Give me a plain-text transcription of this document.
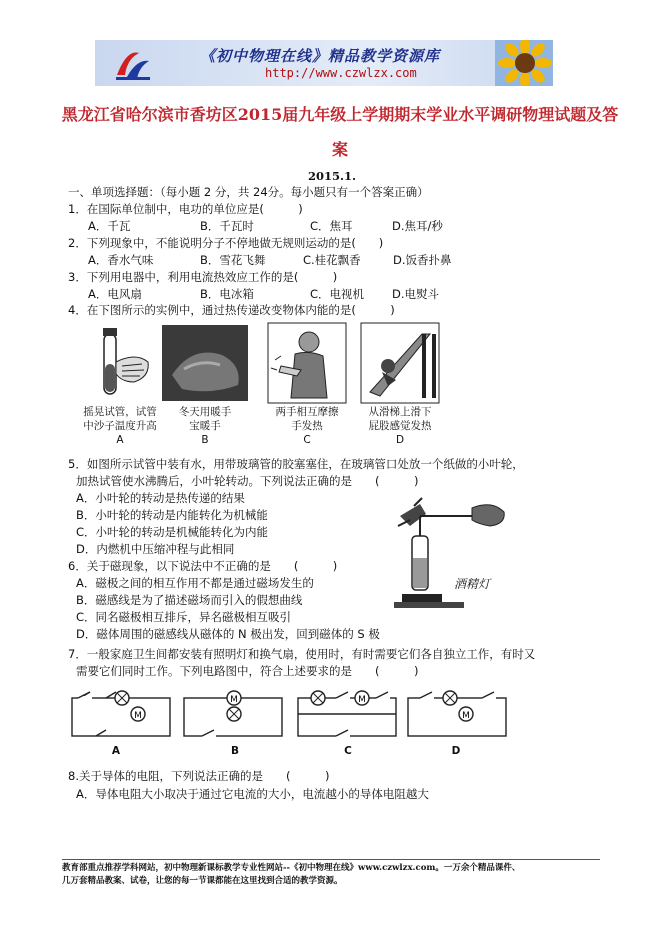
《初中物理在线》精品教学资源库
http://www.czwlzx.com
黑龙江省哈尔滨市香坊区2015届九年级上学期期末学业水平调研物理试题及答案
2015.1.
一、单项选择题：（每小题 2 分，共 24分。每小题只有一个答案正确）
1．在国际单位制中，电功的单位应是(　　　)
A．千瓦	B．千瓦时	C．焦耳	D.焦耳/秒
2．下列现象中，不能说明分子不停地做无规则运动的是(　　)
A．香水气味	B．雪花飞舞	C.桂花飘香	D.饭香扑鼻
3．下列用电器中，利用电流热效应工作的是(　　　)
A．电风扇	B．电冰箱	C．电视机 D.电熨斗
4．在下图所示的实例中，通过热传递改变物体内能的是(　　　)
摇晃试管，试管
中沙子温度升高
A
冬天用暖手
宝暖手
B
两手相互摩擦
手发热
C
从滑梯上滑下
屁股感觉发热
D
5．如图所示试管中装有水，用带玻璃管的胶塞塞住，在玻璃管口处放一个纸做的小叶轮，
加热试管使水沸腾后，小叶轮转动。下列说法正确的是　　(　　　)
A．小叶轮的转动是热传递的结果
B．小叶轮的转动是内能转化为机械能
C．小叶轮的转动是机械能转化为内能
D．内燃机中压缩冲程与此相同
酒精灯
6．关于磁现象，以下说法中不正确的是　　(　　　)
A．磁极之间的相互作用不都是通过磁场发生的
B．磁感线是为了描述磁场而引入的假想曲线
C．同名磁极相互排斥，异名磁极相互吸引
D．磁体周围的磁感线从磁体的 N 极出发，回到磁体的 S 极
7．一般家庭卫生间都安装有照明灯和换气扇，使用时，有时需要它们各自独立工作，有时又
需要它们同时工作。下列电路图中，符合上述要求的是　　(　　　)
M
M	M
M
A	B	C	D
8.关于导体的电阻，下列说法正确的是　　(　　　)
A．导体电阻大小取决于通过它电流的大小，电流越小的导体电阻越大
教育部重点推荐学科网站，初中物理新课标教学专业性网站--《初中物理在线》www.czwlzx.com。一万余个精品课件、
几万套精品教案、试卷，让您的每一节课都能在这里找到合适的教学资源。
